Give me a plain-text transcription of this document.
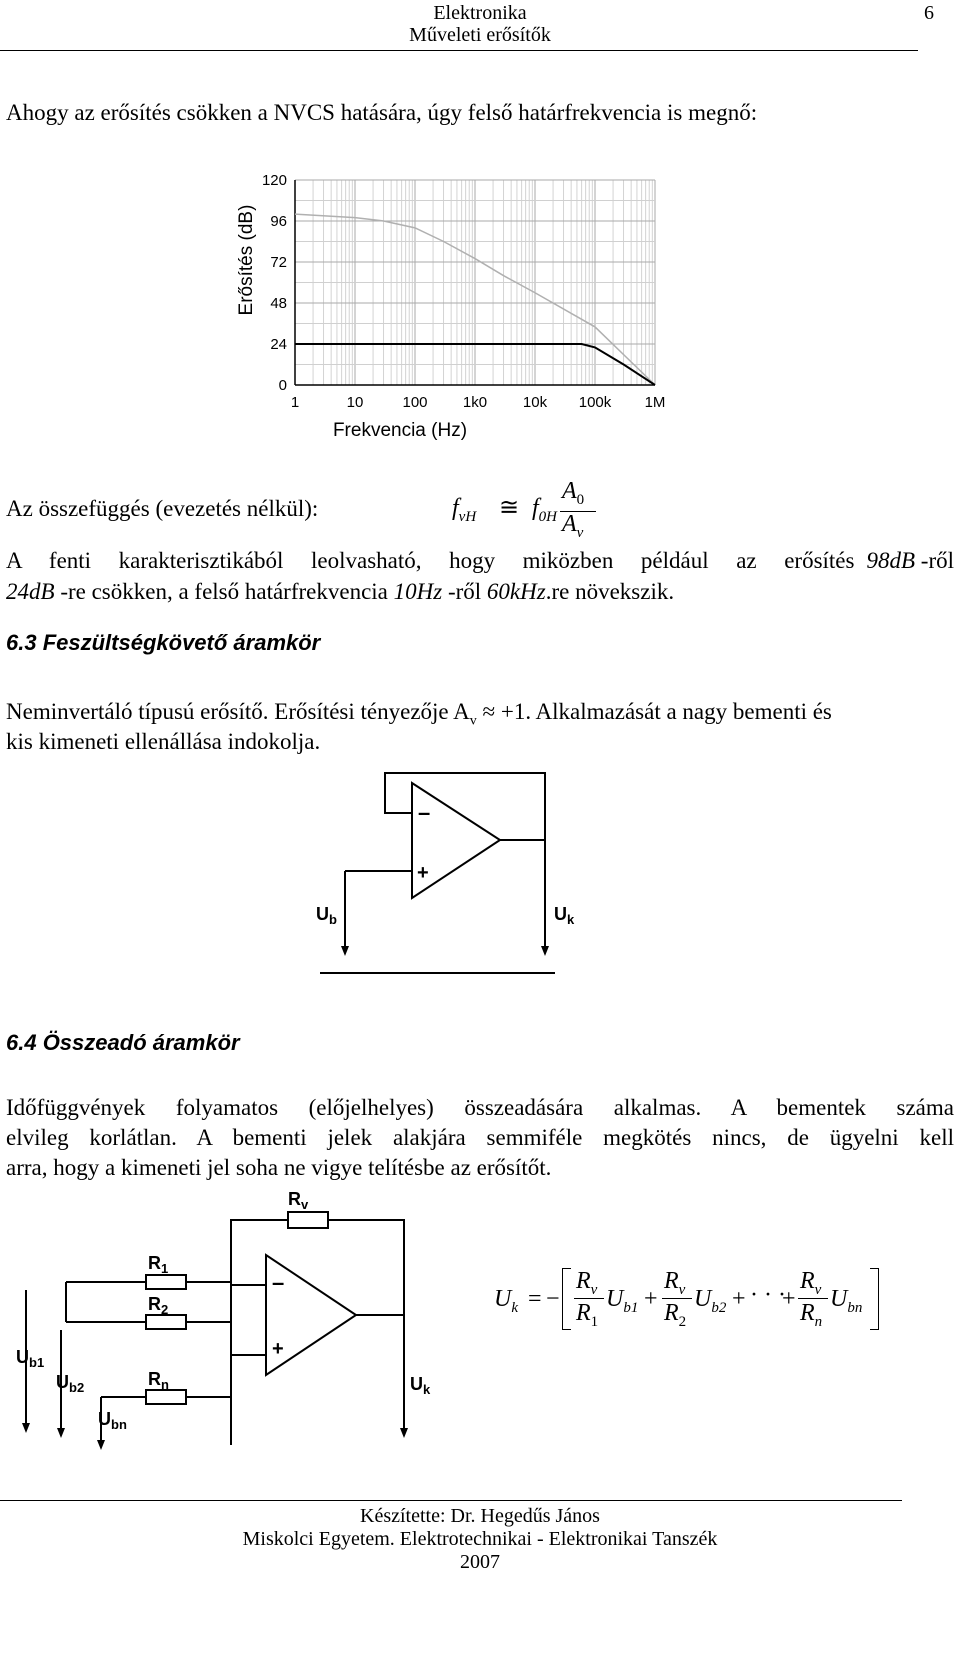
Elektronika
Műveleti erősítők
6
Ahogy az erősítés csökken a NVCS hatására, úgy felső határfrekvencia is megnő:
1	10	100 1k0 10k 100k 1M
0
24
48
72
96
120
Frekvencia (Hz)
Erősítés (dB)
Az összefüggés (evezetés nélkül):	$f_{vH}$ ≅ $f_{0H}$
$A_0$
$A_v$
A fenti karakterisztikából leolvasható, hogy miközben például az erősítés 98dB -ről
24dB -re csökken, a felső határfrekvencia 10Hz -ről 60kHz.re növekszik.
6.3 Feszültségkövető áramkör
Neminvertáló típusú erősítő. Erősítési tényezője $A_v \approx +1$. Alkalmazását a nagy bementi és
kis kimeneti ellenállása indokolja.
–
+
$U_b$	$U_k$
6.4 Összeadó áramkör
Időfüggvények folyamatos (előjelhelyes) összeadására alkalmas. A bementek száma
elvileg korlátlan. A bementi jelek alakjára semmiféle megkötés nincs, de ügyelni kell
arra, hogy a kimeneti jel soha ne vigye telítésbe az erősítőt.
$R_v$
$R_1$
$R_2$
$R_n$
$U_{b1}$
$U_{b2}$
$U_{bn}$
$U_k$
–
+
$U_k$ = −
$R_v$
$R_1$
$U_{b1}$ +
$R_v$
$R_2$
$U_{b2}$ + · · ·
+
$R_v$
$R_n$
$U_{bn}$
Készítette: Dr. Hegedűs János
Miskolci Egyetem. Elektrotechnikai - Elektronikai Tanszék
2007
